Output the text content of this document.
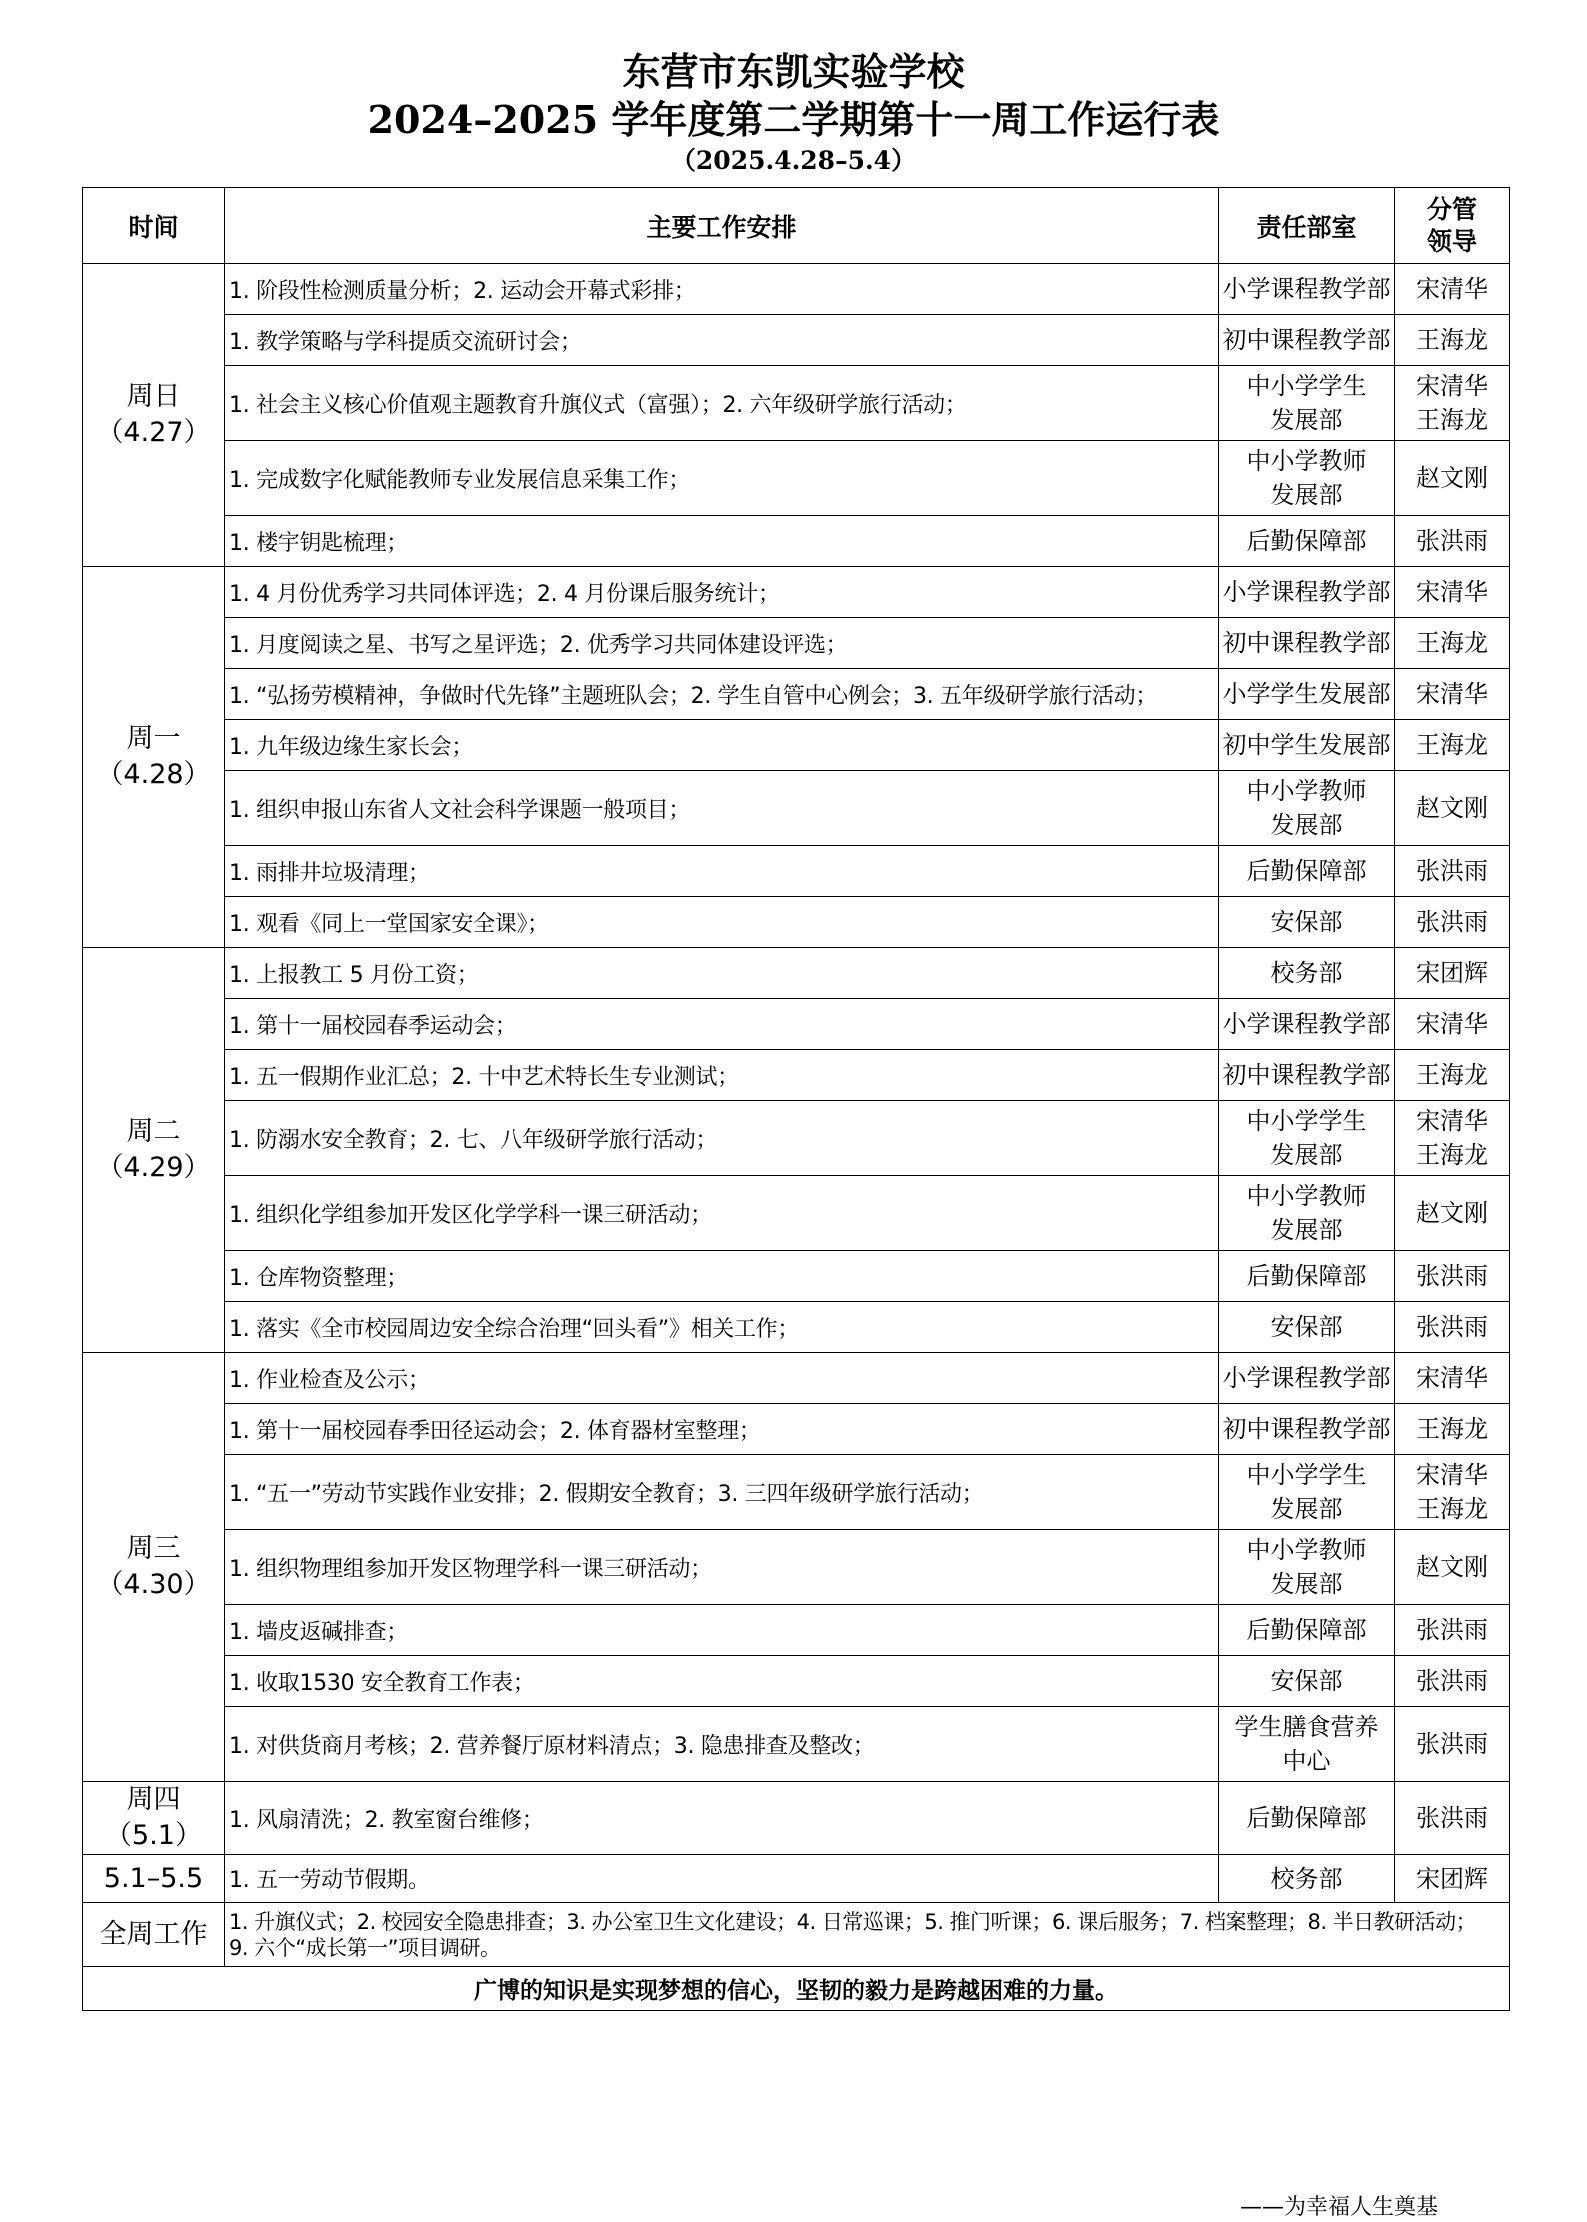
东营市东凯实验学校
2024–2025 学年度第二学期第十一周工作运行表
（2025.4.28–5.4）
时间	主要工作安排	责任部室	分管
领导

周日
（4.27）	1. 阶段性检测质量分析；2. 运动会开幕式彩排；	小学课程教学部	宋清华

	1. 教学策略与学科提质交流研讨会；	初中课程教学部	王海龙

	1. 社会主义核心价值观主题教育升旗仪式（富强）；2. 六年级研学旅行活动；	中小学学生
发展部	宋清华
王海龙

	1. 完成数字化赋能教师专业发展信息采集工作；	中小学教师
发展部	赵文刚

	1. 楼宇钥匙梳理；	后勤保障部	张洪雨

周一
（4.28）	1. 4 月份优秀学习共同体评选；2. 4 月份课后服务统计；	小学课程教学部	宋清华

	1. 月度阅读之星、书写之星评选；2. 优秀学习共同体建设评选；	初中课程教学部	王海龙

	1. “弘扬劳模精神，争做时代先锋”主题班队会；2. 学生自管中心例会；3. 五年级研学旅行活动；	小学学生发展部	宋清华

	1. 九年级边缘生家长会；	初中学生发展部	王海龙

	1. 组织申报山东省人文社会科学课题一般项目；	中小学教师
发展部	赵文刚

	1. 雨排井垃圾清理；	后勤保障部	张洪雨

	1. 观看《同上一堂国家安全课》；	安保部	张洪雨

周二
（4.29）	1. 上报教工 5 月份工资；	校务部	宋团辉

	1. 第十一届校园春季运动会；	小学课程教学部	宋清华

	1. 五一假期作业汇总；2. 十中艺术特长生专业测试；	初中课程教学部	王海龙

	1. 防溺水安全教育；2. 七、八年级研学旅行活动；	中小学学生
发展部	宋清华
王海龙

	1. 组织化学组参加开发区化学学科一课三研活动；	中小学教师
发展部	赵文刚

	1. 仓库物资整理；	后勤保障部	张洪雨

	1. 落实《全市校园周边安全综合治理“回头看”》相关工作；	安保部	张洪雨

周三
（4.30）	1. 作业检查及公示；	小学课程教学部	宋清华

	1. 第十一届校园春季田径运动会；2. 体育器材室整理；	初中课程教学部	王海龙

	1. “五一”劳动节实践作业安排；2. 假期安全教育；3. 三四年级研学旅行活动；	中小学学生
发展部	宋清华
王海龙

	1. 组织物理组参加开发区物理学科一课三研活动；	中小学教师
发展部	赵文刚

	1. 墙皮返碱排查；	后勤保障部	张洪雨

	1. 收取1530 安全教育工作表；	安保部	张洪雨

	1. 对供货商月考核；2. 营养餐厅原材料清点；3. 隐患排查及整改；	学生膳食营养
中心	张洪雨

周四
（5.1）	1. 风扇清洗；2. 教室窗台维修；	后勤保障部	张洪雨

5.1–5.5	1. 五一劳动节假期。	校务部	宋团辉
全周工作	1. 升旗仪式；2. 校园安全隐患排查；3. 办公室卫生文化建设；4. 日常巡课；5. 推门听课；6. 课后服务；7. 档案整理；8. 半日教研活动；
9. 六个“成长第一”项目调研。		

广博的知识是实现梦想的信心，坚韧的毅力是跨越困难的力量。			
——为幸福人生奠基
